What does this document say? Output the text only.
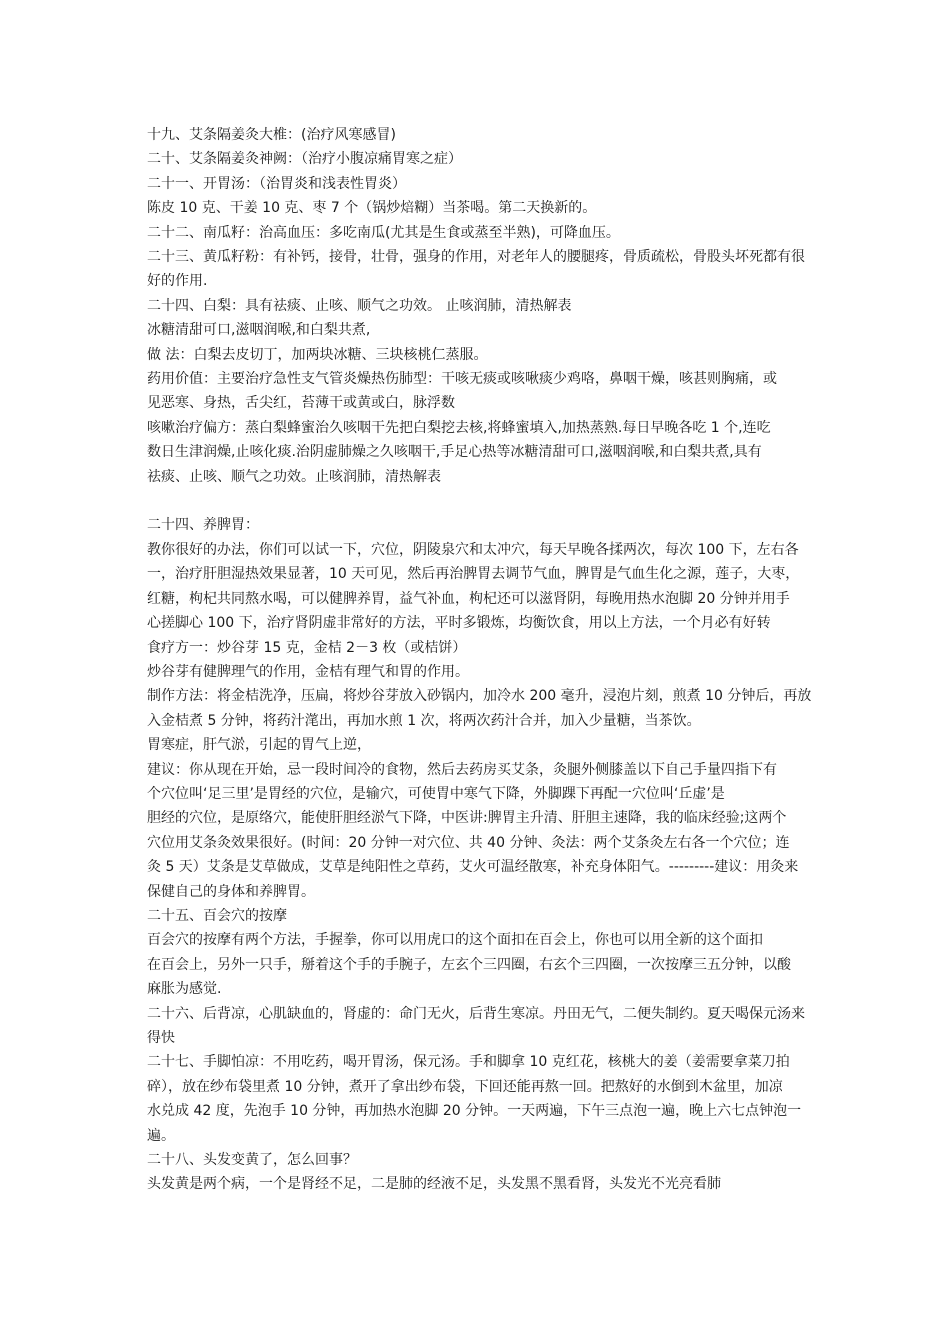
十九、艾条隔姜灸大椎：(治疗风寒感冒)

二十、艾条隔姜灸神阙：（治疗小腹凉痛胃寒之症）

二十一、开胃汤：（治胃炎和浅表性胃炎）

陈皮 10 克、干姜 10 克、枣 7 个（锅炒焙糊）当茶喝。第二天换新的。

二十二、南瓜籽：治高血压：多吃南瓜(尤其是生食或蒸至半熟)，可降血压。

二十三、黄瓜籽粉：有补钙，接骨，壮骨，强身的作用，对老年人的腰腿疼，骨质疏松，骨股头坏死都有很

好的作用.

二十四、白梨：具有祛痰、止咳、顺气之功效。 止咳润肺，清热解表

冰糖清甜可口,滋咽润喉,和白梨共煮,

做 法：白梨去皮切丁，加两块冰糖、三块核桃仁蒸服。

药用价值：主要治疗急性支气管炎燥热伤肺型：干咳无痰或咳啾痰少鸡咯，鼻咽干燥，咳甚则胸痛，或

见恶寒、身热，舌尖红，苔薄干或黄或白，脉浮数

咳嗽治疗偏方：蒸白梨蜂蜜治久咳咽干先把白梨挖去核,将蜂蜜填入,加热蒸熟.每日早晚各吃 1 个,连吃

数日生津润燥,止咳化痰.治阴虚肺燥之久咳咽干,手足心热等冰糖清甜可口,滋咽润喉,和白梨共煮,具有

祛痰、止咳、顺气之功效。止咳润肺，清热解表

二十四、养脾胃：

教你很好的办法，你们可以试一下，穴位，阴陵泉穴和太冲穴，每天早晚各揉两次，每次 100 下，左右各

一，治疗肝胆湿热效果显著，10 天可见，然后再治脾胃去调节气血，脾胃是气血生化之源，莲子，大枣，

红糖，枸杞共同熬水喝，可以健脾养胃，益气补血，枸杞还可以滋肾阴，每晚用热水泡脚 20 分钟并用手

心搓脚心 100 下，治疗肾阴虚非常好的方法，平时多锻炼，均衡饮食，用以上方法，一个月必有好转

食疗方一：炒谷芽 15 克，金桔 2－3 枚（或桔饼）

炒谷芽有健脾理气的作用，金桔有理气和胃的作用。

制作方法：将金桔洗净，压扁，将炒谷芽放入砂锅内，加冷水 200 毫升，浸泡片刻，煎煮 10 分钟后，再放

入金桔煮 5 分钟，将药汁滗出，再加水煎 1 次，将两次药汁合并，加入少量糖，当茶饮。

胃寒症，肝气淤，引起的胃气上逆，

建议：你从现在开始，忌一段时间冷的食物，然后去药房买艾条，灸腿外侧膝盖以下自己手量四指下有

个穴位叫‘足三里’是胃经的穴位，是输穴，可使胃中寒气下降，外脚踝下再配一穴位叫‘丘虚’是

胆经的穴位，是原络穴，能使肝胆经淤气下降，中医讲:脾胃主升清、肝胆主速降，我的临床经验;这两个

穴位用艾条灸效果很好。(时间：20 分钟一对穴位、共 40 分钟、灸法：两个艾条灸左右各一个穴位；连

灸 5 天）艾条是艾草做成，艾草是纯阳性之草药，艾火可温经散寒，补充身体阳气。---------建议：用灸来

保健自己的身体和养脾胃。

二十五、百会穴的按摩

百会穴的按摩有两个方法，手握拳，你可以用虎口的这个面扣在百会上，你也可以用全新的这个面扣

在百会上，另外一只手，掰着这个手的手腕子，左玄个三四圈，右玄个三四圈，一次按摩三五分钟，以酸

麻胀为感觉.

二十六、后背凉，心肌缺血的，肾虚的：命门无火，后背生寒凉。丹田无气，二便失制约。夏天喝保元汤来

得快

二十七、手脚怕凉：不用吃药，喝开胃汤，保元汤。手和脚拿 10 克红花，核桃大的姜（姜需要拿菜刀拍

碎），放在纱布袋里煮 10 分钟，煮开了拿出纱布袋，下回还能再熬一回。把熬好的水倒到木盆里，加凉

水兑成 42 度，先泡手 10 分钟，再加热水泡脚 20 分钟。一天两遍，下午三点泡一遍，晚上六七点钟泡一

遍。

二十八、头发变黄了，怎么回事？

头发黄是两个病，一个是肾经不足，二是肺的经液不足，头发黑不黑看肾，头发光不光亮看肺
